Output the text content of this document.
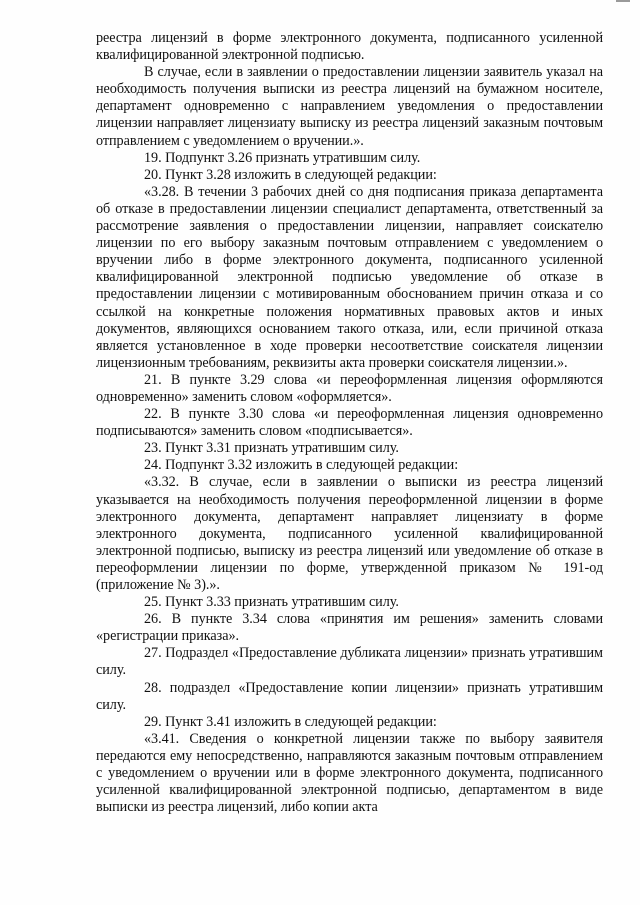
реестра лицензий в форме электронного документа, подписанного усиленной квалифицированной электронной подписью.

В случае, если в заявлении о предоставлении лицензии заявитель указал на необходимость получения выписки из реестра лицензий на бумажном носителе, департамент одновременно с направлением уведомления о предоставлении лицензии направляет лицензиату выписку из реестра лицензий заказным почтовым отправлением с уведомлением о вручении.».

19. Подпункт 3.26 признать утратившим силу.

20. Пункт 3.28 изложить в следующей редакции:

«3.28. В течении 3 рабочих дней со дня подписания приказа департамента об отказе в предоставлении лицензии специалист департамента, ответственный за рассмотрение заявления о предоставлении лицензии, направляет соискателю лицензии по его выбору заказным почтовым отправлением с уведомлением о вручении либо в форме электронного документа, подписанного усиленной квалифицированной электронной подписью уведомление об отказе в предоставлении лицензии с мотивированным обоснованием причин отказа и со ссылкой на конкретные положения нормативных правовых актов и иных документов, являющихся основанием такого отказа, или, если причиной отказа является установленное в ходе проверки несоответствие соискателя лицензии лицензионным требованиям, реквизиты акта проверки соискателя лицензии.».

21. В пункте 3.29 слова «и переоформленная лицензия оформляются одновременно» заменить словом «оформляется».

22. В пункте 3.30 слова «и переоформленная лицензия одновременно подписываются» заменить словом «подписывается».

23. Пункт 3.31 признать утратившим силу.

24. Подпункт 3.32 изложить в следующей редакции:

«3.32. В случае, если в заявлении о выписки из реестра лицензий указывается на необходимость получения переоформленной лицензии в форме электронного документа, департамент направляет лицензиату в форме электронного документа, подписанного усиленной квалифицированной электронной подписью, выписку из реестра лицензий или уведомление об отказе в переоформлении лицензии по форме, утвержденной приказом № 191-од (приложение № 3).».

25. Пункт 3.33 признать утратившим силу.

26. В пункте 3.34 слова «принятия им решения» заменить словами «регистрации приказа».

27. Подраздел «Предоставление дубликата лицензии» признать утратившим силу.

28. подраздел «Предоставление копии лицензии» признать утратившим силу.

29. Пункт 3.41 изложить в следующей редакции:

«3.41. Сведения о конкретной лицензии также по выбору заявителя передаются ему непосредственно, направляются заказным почтовым отправлением с уведомлением о вручении или в форме электронного документа, подписанного усиленной квалифицированной электронной подписью, департаментом в виде выписки из реестра лицензий, либо копии акта
